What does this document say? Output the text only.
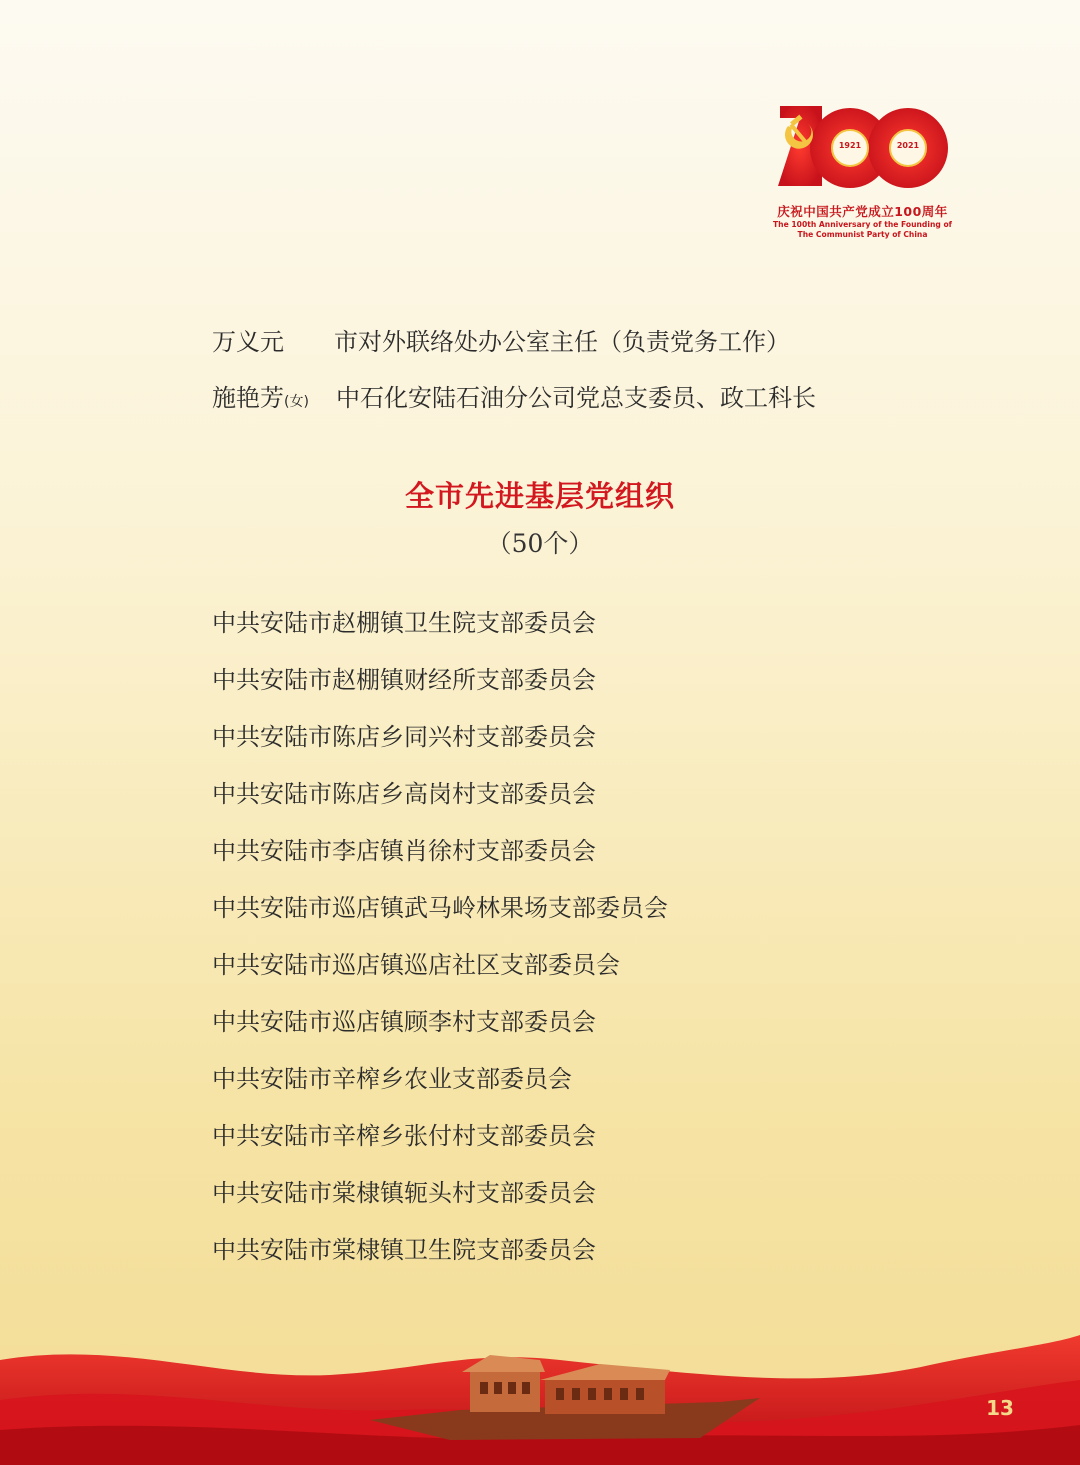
1921	2021
庆祝中国共产党成立100周年
The 100th Anniversary of the Founding of
The Communist Party of China
万义元 市对外联络处办公室主任（负责党务工作）
施艳芳(女) 中石化安陆石油分公司党总支委员、政工科长
全市先进基层党组织
（50个）
中共安陆市赵棚镇卫生院支部委员会
中共安陆市赵棚镇财经所支部委员会
中共安陆市陈店乡同兴村支部委员会
中共安陆市陈店乡高岗村支部委员会
中共安陆市李店镇肖徐村支部委员会
中共安陆市巡店镇武马岭林果场支部委员会
中共安陆市巡店镇巡店社区支部委员会
中共安陆市巡店镇顾李村支部委员会
中共安陆市辛榨乡农业支部委员会
中共安陆市辛榨乡张付村支部委员会
中共安陆市棠棣镇轭头村支部委员会
中共安陆市棠棣镇卫生院支部委员会
13
